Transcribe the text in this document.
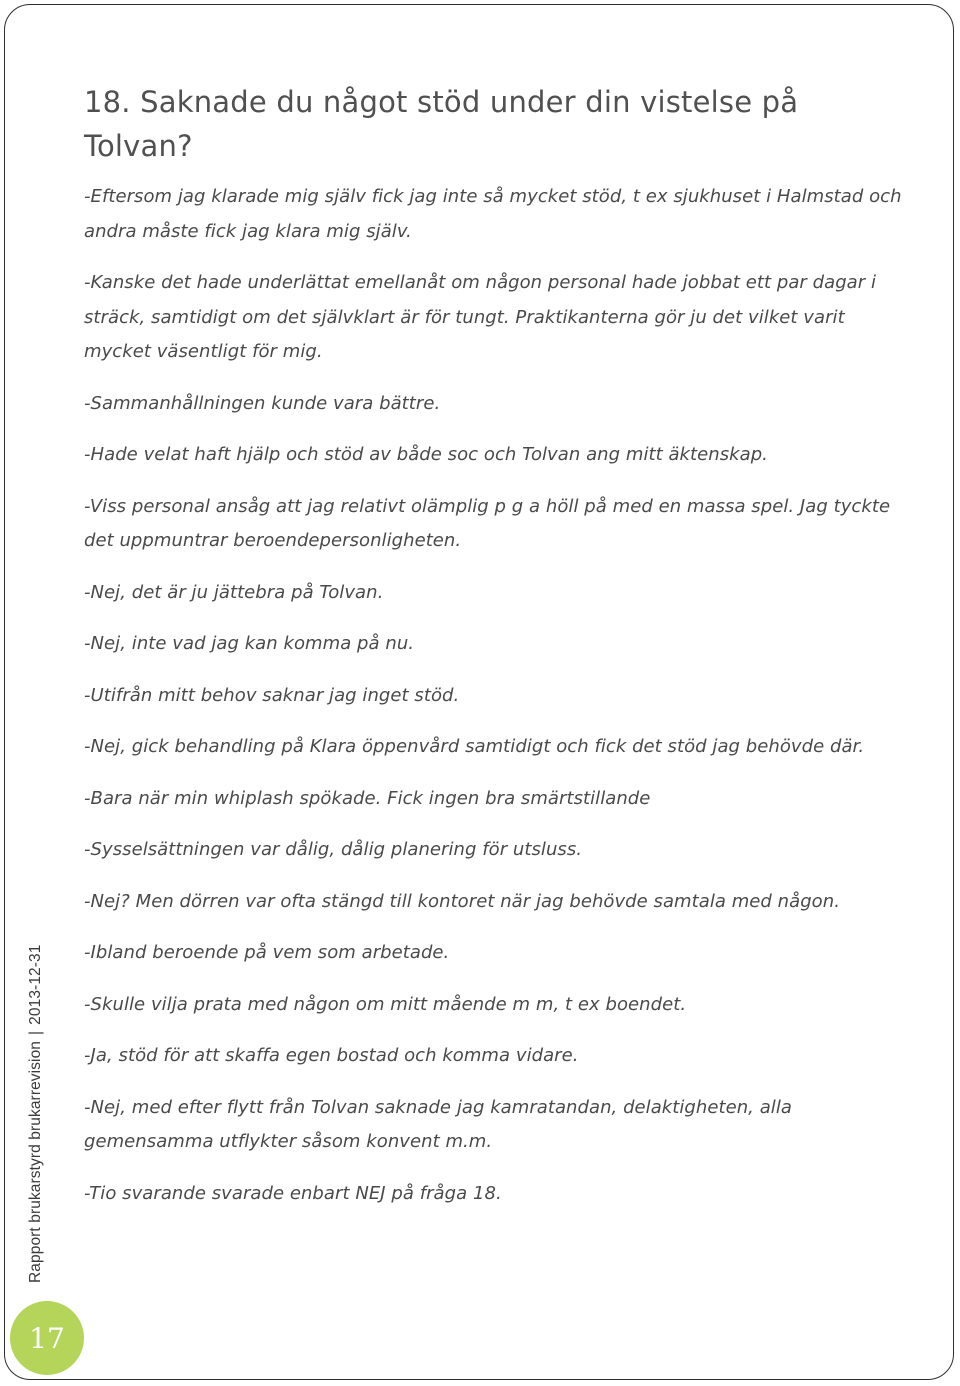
18. Saknade du något stöd under din vistelse på Tolvan?

-Eftersom jag klarade mig själv fick jag inte så mycket stöd, t ex sjukhuset i Halmstad och andra måste fick jag klara mig själv.

-Kanske det hade underlättat emellanåt om någon personal hade jobbat ett par dagar i sträck, samtidigt om det självklart är för tungt. Praktikanterna gör ju det vilket varit mycket väsentligt för mig.

-Sammanhållningen kunde vara bättre.

-Hade velat haft hjälp och stöd av både soc och Tolvan ang mitt äktenskap.

-Viss personal ansåg att jag relativt olämplig p g a höll på med en massa spel. Jag tyckte det uppmuntrar beroendepersonligheten.

-Nej, det är ju jättebra på Tolvan.

-Nej, inte vad jag kan komma på nu.

-Utifrån mitt behov saknar jag inget stöd.

-Nej, gick behandling på Klara öppenvård samtidigt och fick det stöd jag behövde där.

-Bara när min whiplash spökade. Fick ingen bra smärtstillande

-Sysselsättningen var dålig, dålig planering för utsluss.

-Nej? Men dörren var ofta stängd till kontoret när jag behövde samtala med någon.

-Ibland beroende på vem som arbetade.

-Skulle vilja prata med någon om mitt mående m m, t ex boendet.

-Ja, stöd för att skaffa egen bostad och komma vidare.

-Nej, med efter flytt från Tolvan saknade jag kamratandan, delaktigheten, alla gemensamma utflykter såsom konvent m.m.

-Tio svarande svarade enbart NEJ på fråga 18.

Rapport brukarstyrd brukarrevision|2013-12-31
17
